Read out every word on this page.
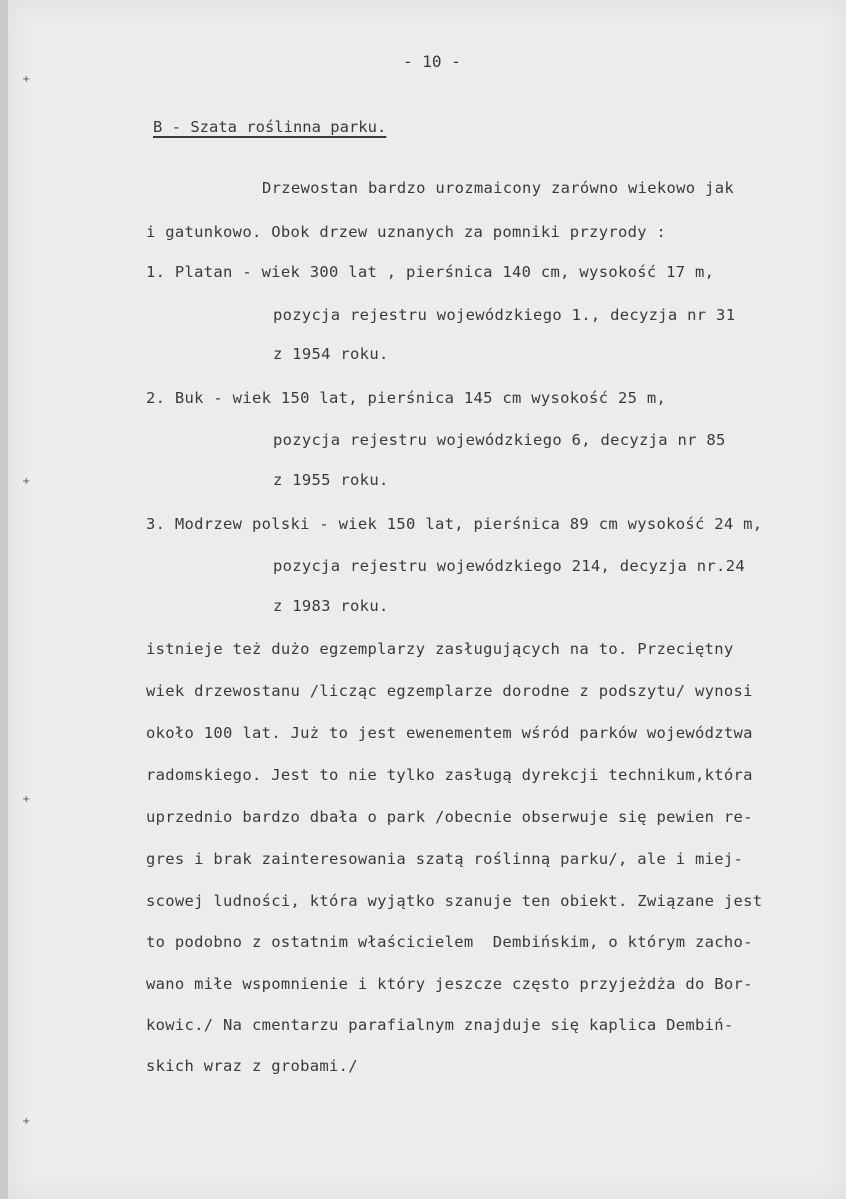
+
+
+
+
- 10 -
B - Szata roślinna parku.
Drzewostan bardzo urozmaicony zarówno wiekowo jak
i gatunkowo. Obok drzew uznanych za pomniki przyrody :
1. Platan - wiek 300 lat , pierśnica 140 cm, wysokość 17 m,
pozycja rejestru wojewódzkiego 1., decyzja nr 31
z 1954 roku.
2. Buk - wiek 150 lat, pierśnica 145 cm wysokość 25 m,
pozycja rejestru wojewódzkiego 6, decyzja nr 85
z 1955 roku.
3. Modrzew polski - wiek 150 lat, pierśnica 89 cm wysokość 24 m,
pozycja rejestru wojewódzkiego 214, decyzja nr.24
z 1983 roku.
istnieje też dużo egzemplarzy zasługujących na to. Przeciętny
wiek drzewostanu /licząc egzemplarze dorodne z podszytu/ wynosi
około 100 lat. Już to jest ewenementem wśród parków województwa
radomskiego. Jest to nie tylko zasługą dyrekcji technikum,która
uprzednio bardzo dbała o park /obecnie obserwuje się pewien re-
gres i brak zainteresowania szatą roślinną parku/, ale i miej-
scowej ludności, która wyjątko szanuje ten obiekt. Związane jest
to podobno z ostatnim właścicielem  Dembińskim, o którym zacho-
wano miłe wspomnienie i który jeszcze często przyjeżdża do Bor-
kowic./ Na cmentarzu parafialnym znajduje się kaplica Dembiń-
skich wraz z grobami./
